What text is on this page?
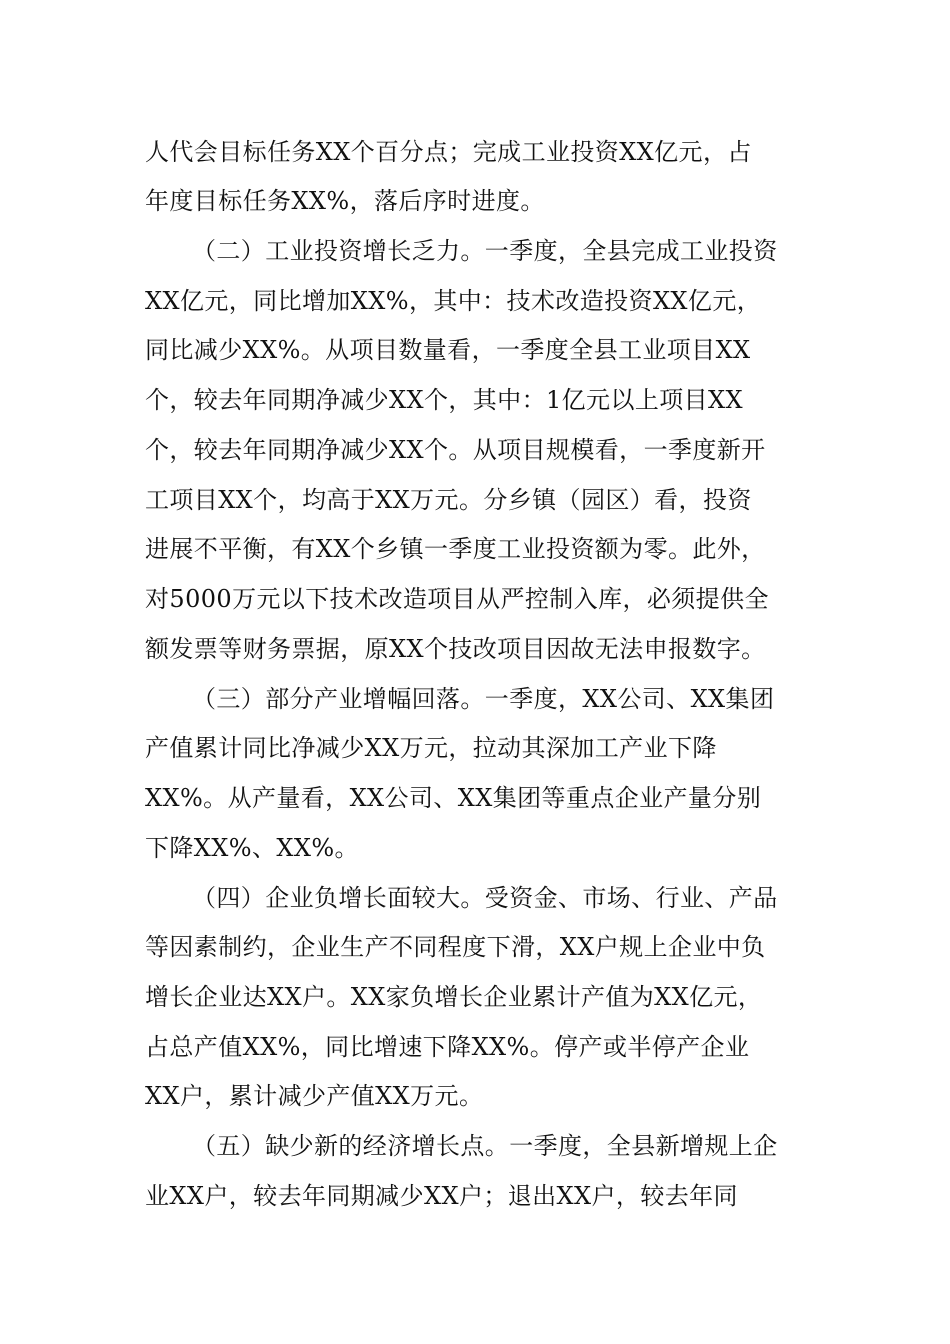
人代会目标任务XX个百分点；完成工业投资XX亿元，占
年度目标任务XX%，落后序时进度。
（二）工业投资增长乏力。一季度，全县完成工业投资
XX亿元，同比增加XX%，其中：技术改造投资XX亿元，
同比减少XX%。从项目数量看，一季度全县工业项目XX
个，较去年同期净减少XX个，其中：1亿元以上项目XX
个，较去年同期净减少XX个。从项目规模看，一季度新开
工项目XX个，均高于XX万元。分乡镇（园区）看，投资
进展不平衡，有XX个乡镇一季度工业投资额为零。此外，
对5000万元以下技术改造项目从严控制入库，必须提供全
额发票等财务票据，原XX个技改项目因故无法申报数字。
（三）部分产业增幅回落。一季度，XX公司、XX集团
产值累计同比净减少XX万元，拉动其深加工产业下降
XX%。从产量看，XX公司、XX集团等重点企业产量分别
下降XX%、XX%。
（四）企业负增长面较大。受资金、市场、行业、产品
等因素制约，企业生产不同程度下滑，XX户规上企业中负
增长企业达XX户。XX家负增长企业累计产值为XX亿元，
占总产值XX%，同比增速下降XX%。停产或半停产企业
XX户，累计减少产值XX万元。
（五）缺少新的经济增长点。一季度，全县新增规上企
业XX户，较去年同期减少XX户；退出XX户，较去年同
